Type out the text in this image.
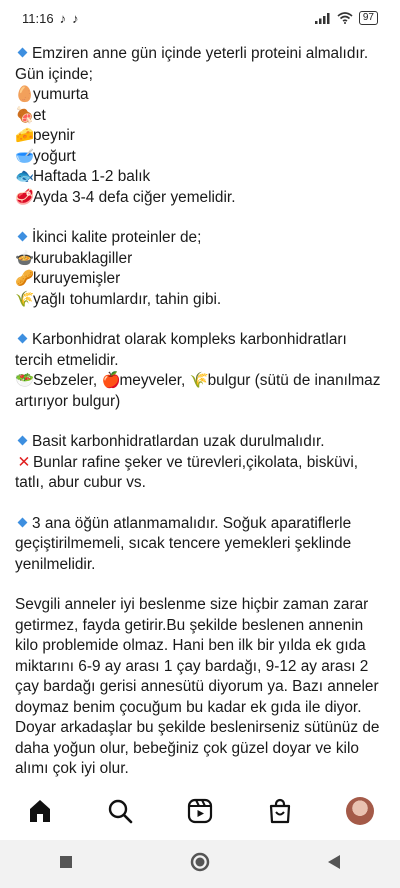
11:16 ♪ ♪	97
Emziren anne gün içinde yeterli proteini almalıdır.
Gün içinde;
🥚yumurta
🍖et
🧀peynir
🥣yoğurt
🐟Haftada 1-2 balık
🥩Ayda 3-4 defa ciğer yemelidir.
İkinci kalite proteinler de;
🍲kurubaklagiller
🥜kuruyemişler
🌾yağlı tohumlardır, tahin gibi.
Karbonhidrat olarak kompleks karbonhidratları
tercih etmelidir.
🥗Sebzeler, 🍎meyveler, 🌾bulgur (sütü de inanılmaz
artırıyor bulgur)
Basit karbonhidratlardan uzak durulmalıdır.
✕ Bunlar rafine şeker ve türevleri,çikolata, bisküvi,
tatlı, abur cubur vs.
3 ana öğün atlanmamalıdır. Soğuk aparatiflerle
geçiştirilmemeli, sıcak tencere yemekleri şeklinde
yenilmelidir.
Sevgili anneler iyi beslenme size hiçbir zaman zarar
getirmez, fayda getirir.Bu şekilde beslenen annenin
kilo problemide olmaz. Hani ben ilk bir yılda ek gıda
miktarını 6-9 ay arası 1 çay bardağı, 9-12 ay arası 2
çay bardağı gerisi annesütü diyorum ya. Bazı anneler
doymaz benim çocuğum bu kadar ek gıda ile diyor.
Doyar arkadaşlar bu şekilde beslenirseniz sütünüz de
daha yoğun olur, bebeğiniz çok güzel doyar ve kilo
alımı çok iyi olur.
